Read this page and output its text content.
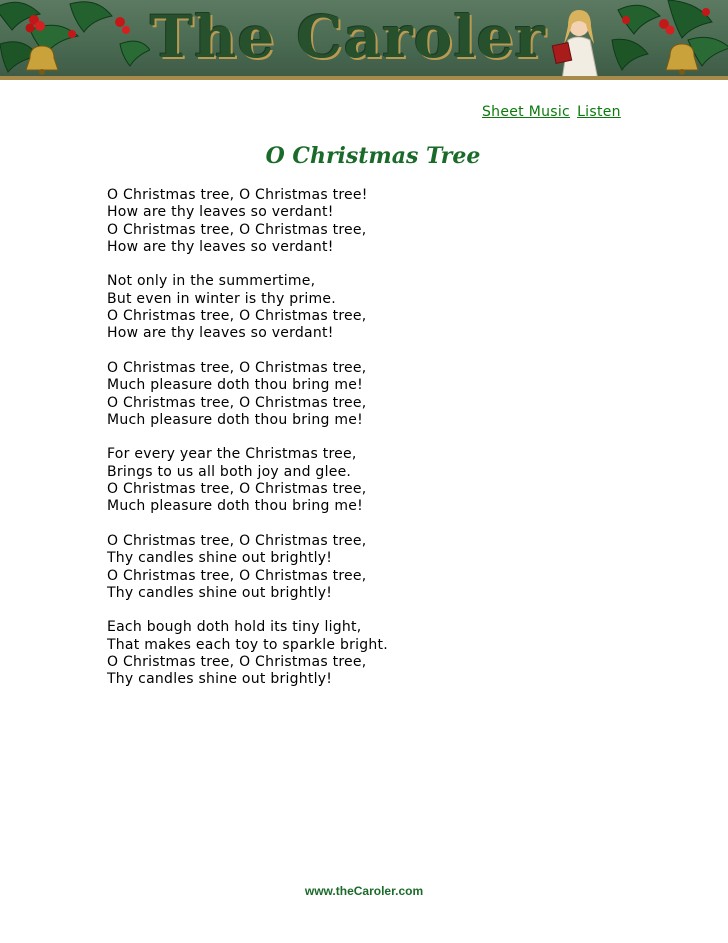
The Caroler
Sheet Music Listen
O Christmas Tree
O Christmas tree, O Christmas tree!
How are thy leaves so verdant!
O Christmas tree, O Christmas tree,
How are thy leaves so verdant!
Not only in the summertime,
But even in winter is thy prime.
O Christmas tree, O Christmas tree,
How are thy leaves so verdant!
O Christmas tree, O Christmas tree,
Much pleasure doth thou bring me!
O Christmas tree, O Christmas tree,
Much pleasure doth thou bring me!
For every year the Christmas tree,
Brings to us all both joy and glee.
O Christmas tree, O Christmas tree,
Much pleasure doth thou bring me!
O Christmas tree, O Christmas tree,
Thy candles shine out brightly!
O Christmas tree, O Christmas tree,
Thy candles shine out brightly!
Each bough doth hold its tiny light,
That makes each toy to sparkle bright.
O Christmas tree, O Christmas tree,
Thy candles shine out brightly!
www.theCaroler.com
